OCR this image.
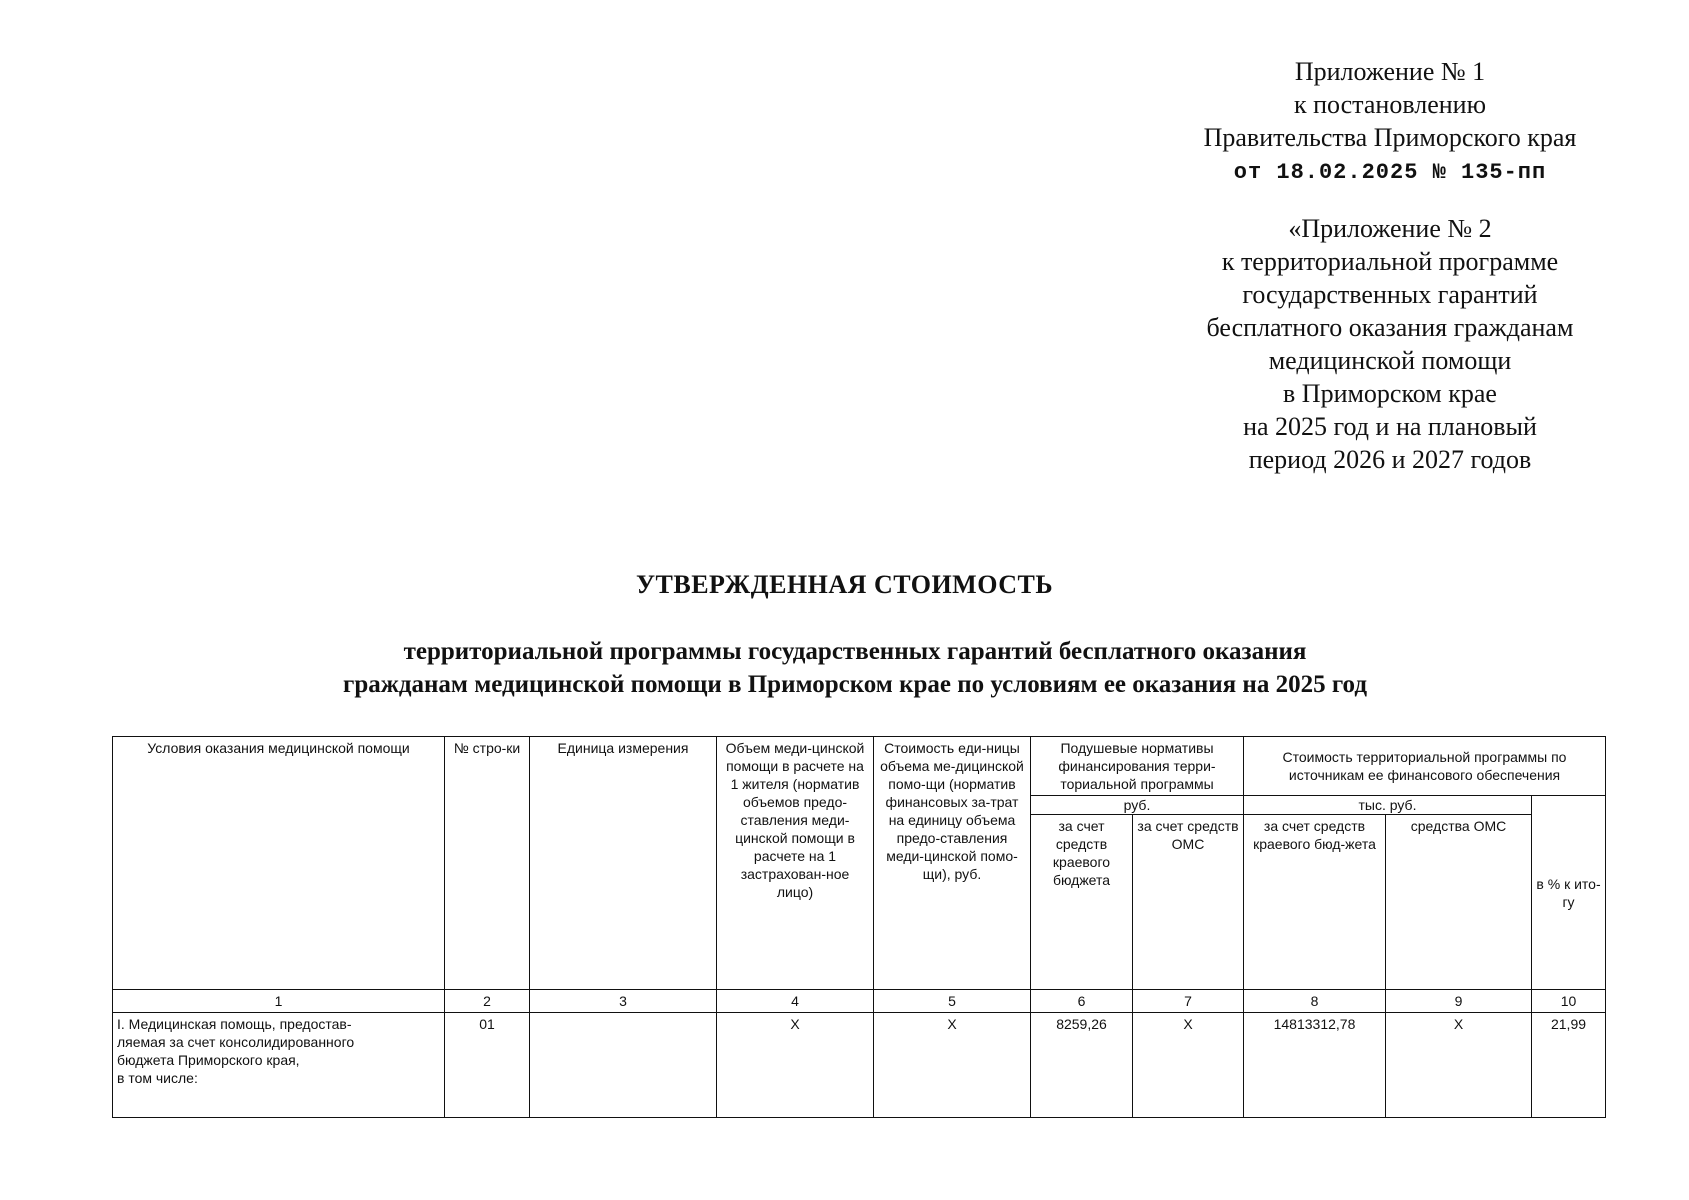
Приложение № 1
к постановлению
Правительства Приморского края
от 18.02.2025 № 135-пп
«Приложение № 2
к территориальной программе
государственных гарантий
бесплатного оказания гражданам
медицинской помощи
в Приморском крае
на 2025 год и на плановый
период 2026 и 2027 годов
УТВЕРЖДЕННАЯ СТОИМОСТЬ
территориальной программы государственных гарантий бесплатного оказания
гражданам медицинской помощи в Приморском крае по условиям ее оказания на 2025 год
Условия оказания медицинской помощи	№ стро-ки	Единица измерения	Объем меди-цинской помощи в расчете на 1 жителя (норматив объемов предо-ставления меди-цинской помощи в расчете на 1 застрахован-ное лицо)	Стоимость еди-ницы объема ме-дицинской помо-щи (норматив финансовых за-трат на единицу объема предо-ставления меди-цинской помо-щи), руб.	Подушевые нормативы финансирования терри-ториальной программы		Стоимость территориальной программы по источникам ее финансового обеспечения		
					руб.		тыс. руб.		в % к ито-гу
					за счет средств краевого бюджета	за счет средств ОМС	за счет средств краевого бюд-жета	средства ОМС	
1	2	3	4	5	6	7	8	9	10

I. Медицинская помощь, предостав-
ляемая за счет консолидированного
бюджета Приморского края,
в том числе:	01		Х	Х	8259,26	Х	14813312,78	Х	21,99
